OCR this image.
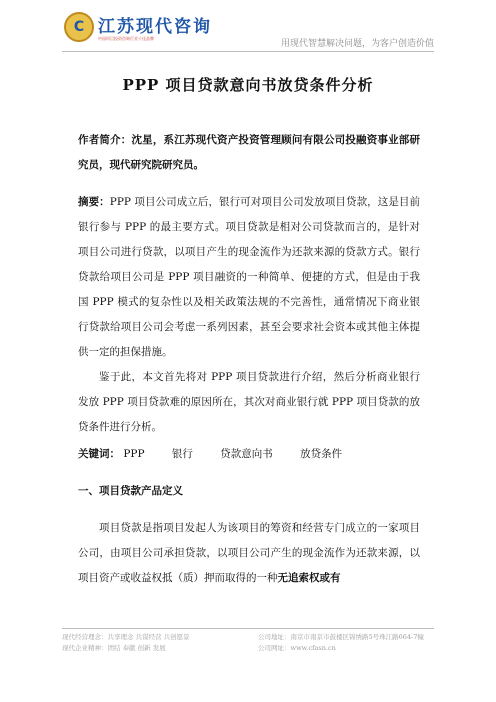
C 江苏现代咨询
中国项目投资咨询行业十佳品牌
用现代智慧解决问题，为客户创造价值
PPP 项目贷款意向书放贷条件分析

作者简介：沈星，系江苏现代资产投资管理顾问有限公司投融资事业部研究员，现代研究院研究员。

摘要：PPP 项目公司成立后，银行可对项目公司发放项目贷款，这是目前银行参与 PPP 的最主要方式。项目贷款是相对公司贷款而言的，是针对项目公司进行贷款，以项目产生的现金流作为还款来源的贷款方式。银行贷款给项目公司是 PPP 项目融资的一种简单、便捷的方式，但是由于我国 PPP 模式的复杂性以及相关政策法规的不完善性，通常情况下商业银行贷款给项目公司会考虑一系列因素，甚至会要求社会资本或其他主体提供一定的担保措施。

鉴于此，本文首先将对 PPP 项目贷款进行介绍，然后分析商业银行发放 PPP 项目贷款难的原因所在，其次对商业银行就 PPP 项目贷款的放贷条件进行分析。

关键词： PPP	银行	贷款意向书	放贷条件

一、项目贷款产品定义

项目贷款是指项目发起人为该项目的筹资和经营专门成立的一家项目公司，由项目公司承担贷款，以项目公司产生的现金流作为还款来源，以项目资产或收益权抵（质）押而取得的一种无追索权或有

现代经营理念：共享理念 共谋经营 共创愿景
现代企业精神：团结 奉献 创新 发展
公司地址：南京市南京市鼓楼区锦绣路5号珠江路664-7幢
公司网址：www.cfasn.cn
